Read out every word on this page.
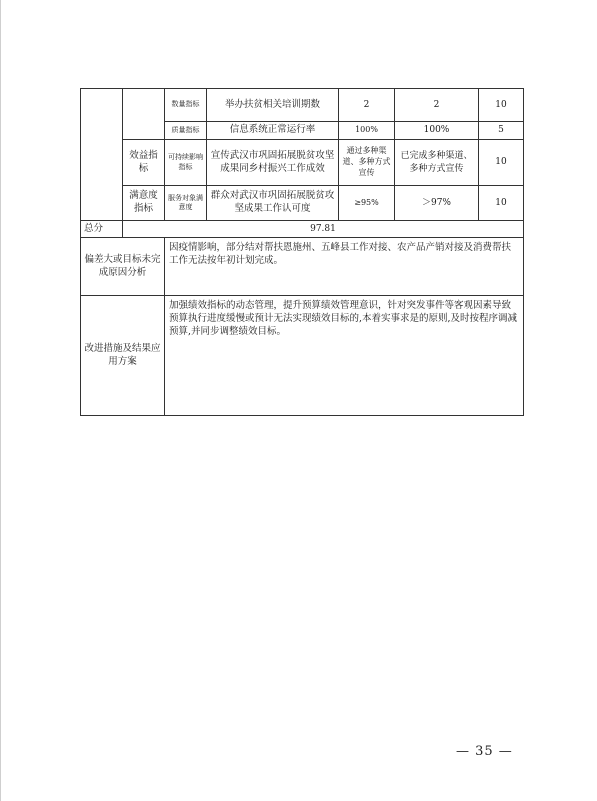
		数量指标	举办扶贫相关培训期数	2	2	10
		质量指标	信息系统正常运行率	100%	100%	5
	效益指标	可持续影响指标	宣传武汉市巩固拓展脱贫攻坚成果同乡村振兴工作成效	通过多种渠道、多种方式宣传	已完成多种渠道、多种方式宣传	10
	满意度指标	服务对象满意度	群众对武汉市巩固拓展脱贫攻坚成果工作认可度	≥95%	＞97%	10
总分	97.81					
偏差大或目标未完成原因分析		因疫情影响，部分结对帮扶恩施州、五峰县工作对接、农产品产销对接及消费帮扶工作无法按年初计划完成。				
改进措施及结果应用方案		加强绩效指标的动态管理，提升预算绩效管理意识，针对突发事件等客观因素导致预算执行进度缓慢或预计无法实现绩效目标的,本着实事求是的原则,及时按程序调减预算,并同步调整绩效目标。				
— 35 —
